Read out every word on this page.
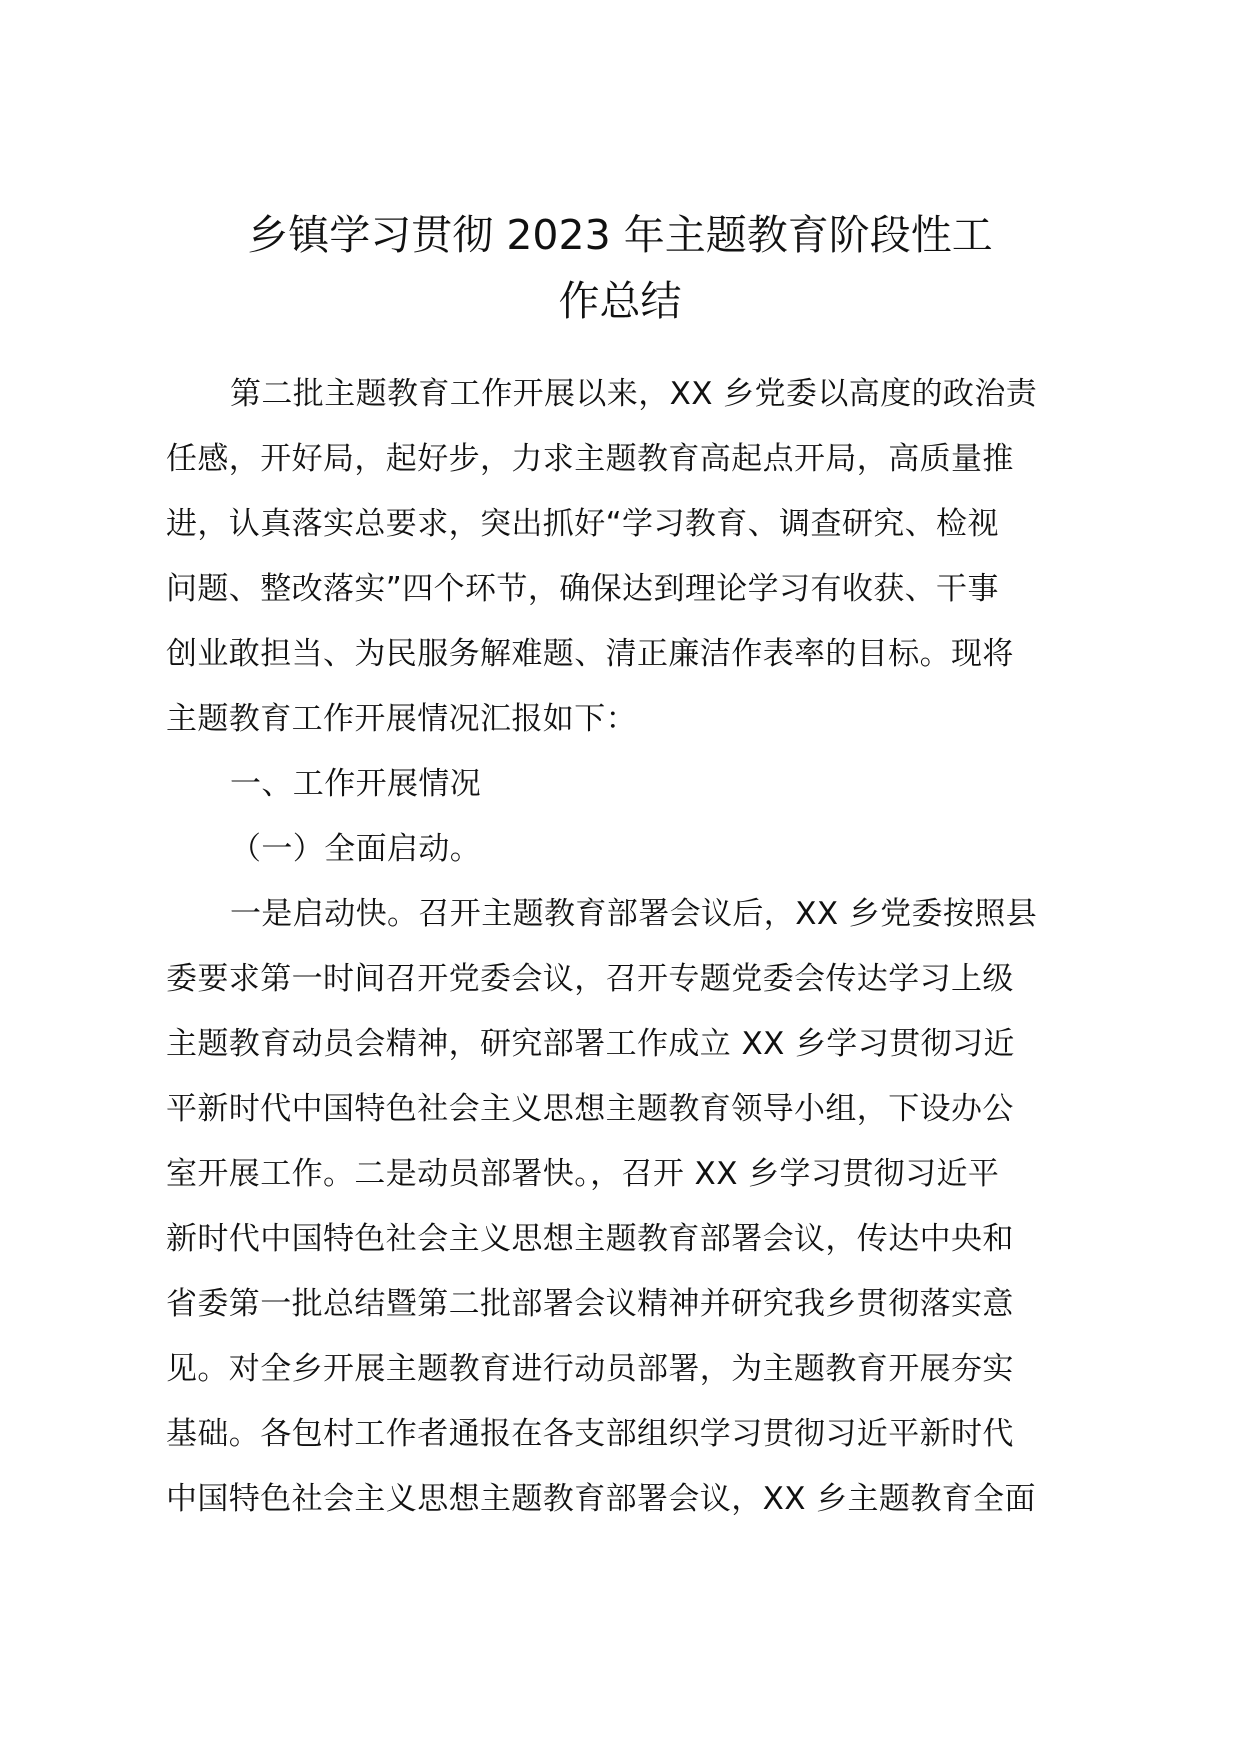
乡镇学习贯彻 2023 年主题教育阶段性工
作总结
第二批主题教育工作开展以来，XX 乡党委以高度的政治责
任感，开好局，起好步，力求主题教育高起点开局，高质量推
进，认真落实总要求，突出抓好“学习教育、调查研究、检视
问题、整改落实”四个环节，确保达到理论学习有收获、干事
创业敢担当、为民服务解难题、清正廉洁作表率的目标。现将
主题教育工作开展情况汇报如下：
一、工作开展情况
（一）全面启动。
一是启动快。召开主题教育部署会议后，XX 乡党委按照县
委要求第一时间召开党委会议，召开专题党委会传达学习上级
主题教育动员会精神，研究部署工作成立 XX 乡学习贯彻习近
平新时代中国特色社会主义思想主题教育领导小组，下设办公
室开展工作。二是动员部署快。，召开 XX 乡学习贯彻习近平
新时代中国特色社会主义思想主题教育部署会议，传达中央和
省委第一批总结暨第二批部署会议精神并研究我乡贯彻落实意
见。对全乡开展主题教育进行动员部署，为主题教育开展夯实
基础。各包村工作者通报在各支部组织学习贯彻习近平新时代
中国特色社会主义思想主题教育部署会议，XX 乡主题教育全面
